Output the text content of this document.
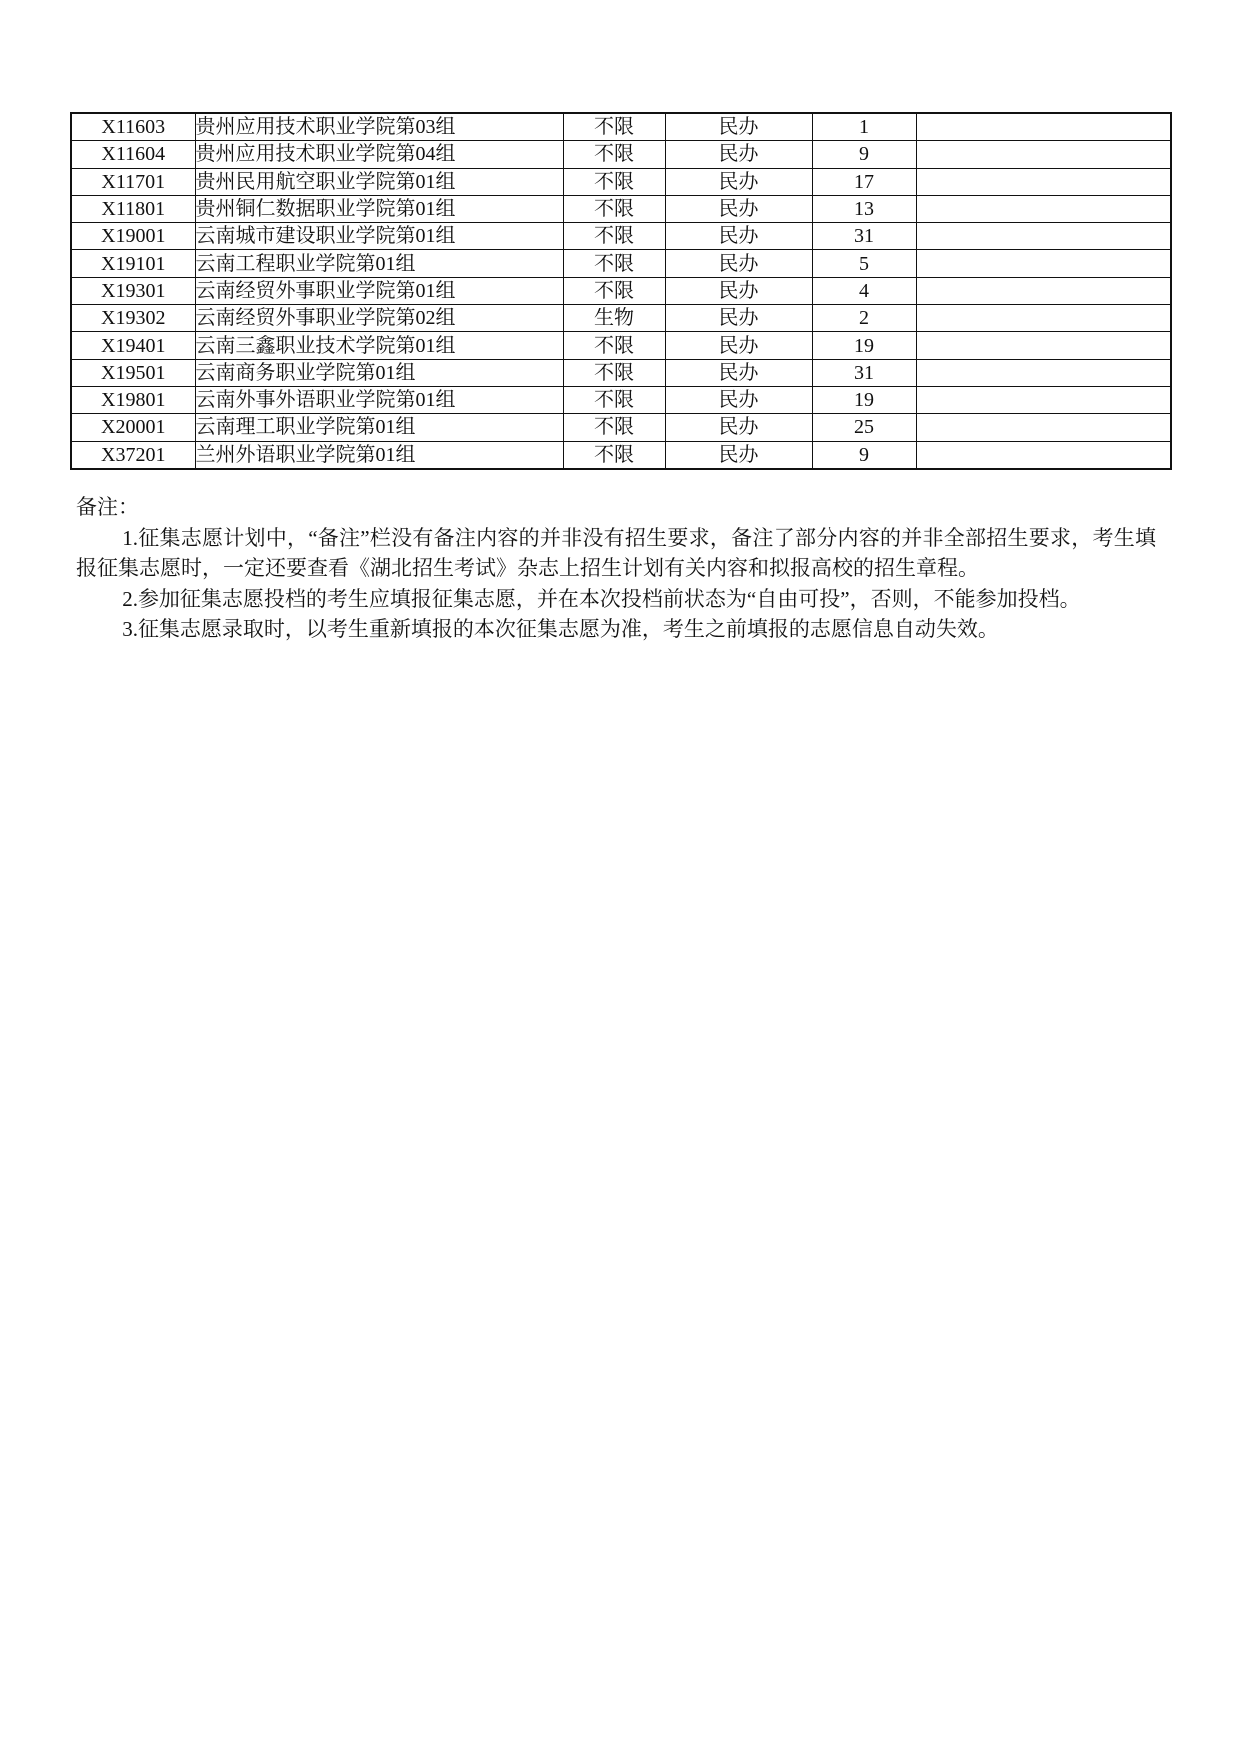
X11603	贵州应用技术职业学院第03组	不限	民办	1	
X11604	贵州应用技术职业学院第04组	不限	民办	9	
X11701	贵州民用航空职业学院第01组	不限	民办	17	
X11801	贵州铜仁数据职业学院第01组	不限	民办	13	
X19001	云南城市建设职业学院第01组	不限	民办	31	
X19101	云南工程职业学院第01组	不限	民办	5	
X19301	云南经贸外事职业学院第01组	不限	民办	4	
X19302	云南经贸外事职业学院第02组	生物	民办	2	
X19401	云南三鑫职业技术学院第01组	不限	民办	19	
X19501	云南商务职业学院第01组	不限	民办	31	
X19801	云南外事外语职业学院第01组	不限	民办	19	
X20001	云南理工职业学院第01组	不限	民办	25	
X37201	兰州外语职业学院第01组	不限	民办	9	
备注：
1.征集志愿计划中，“备注”栏没有备注内容的并非没有招生要求，备注了部分内容的并非全部招生要求，考生填报征集志愿时，一定还要查看《湖北招生考试》杂志上招生计划有关内容和拟报高校的招生章程。
2.参加征集志愿投档的考生应填报征集志愿，并在本次投档前状态为“自由可投”，否则，不能参加投档。
3.征集志愿录取时，以考生重新填报的本次征集志愿为准，考生之前填报的志愿信息自动失效。
